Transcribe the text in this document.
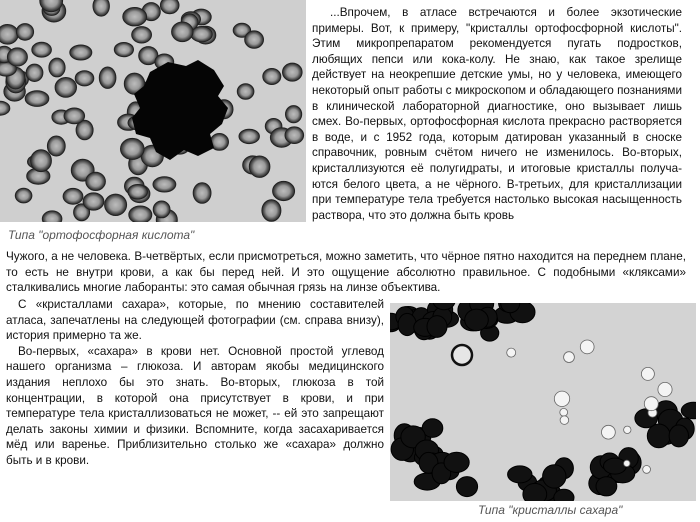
Типа "ортофосфорная кислота"
...Впрочем, в атласе встречаются и более экзотические примеры. Вот, к примеру, "кристаллы ортофосфорной кислоты". Этим микропрепаратом рекомендуется пугать подростков, любящих пепси или кока-колу. Не знаю, как такое зрелище действует на неокрепшие детские умы, но у человека, имеющего некоторый опыт работы с микроскопом и обладающего познаниями в клинической лабораторной диагностике, оно вызывает лишь смех. Во-первых, ортофосфорная кислота прекрасно растворяется в воде, и с 1952 года, которым датирован указанный в сноске справочник, ровным счётом ничего не изменилось. Во-вторых, кристаллизуются её полугидраты, и итоговые кристаллы получаются белого цвета, а не чёрного. В-третьих, для кристаллизации при температуре тела требуется настолько высокая насыщенность раствора, что это должна быть кровь
Чужого, а не человека. В-четвёртых, если присмотреться, можно заметить, что чёрное пятно находится на переднем плане, то есть не внутри крови, а как бы перед ней. И это ощущение абсолютно правильное. С подобными «кляксами» сталкивались многие лаборанты: это самая обычная грязь на линзе объектива.
С «кристаллами сахара», которые, по мнению составителей атласа, запечатлены на следующей фотографии (см. справа внизу), история примерно та же.
Во-первых, «сахара» в крови нет. Основной простой углевод нашего организма – глюкоза. И авторам якобы медицинского издания неплохо бы это знать. Во-вторых, глюкоза в той концентрации, в которой она присутствует в крови, и при температуре тела кристаллизоваться не может, -- ей это запрещают делать законы химии и физики. Вспомните, когда засахаривается мёд или варенье. Приблизительно столько же «сахара» должно быть и в крови.
Типа "кристаллы сахара"
